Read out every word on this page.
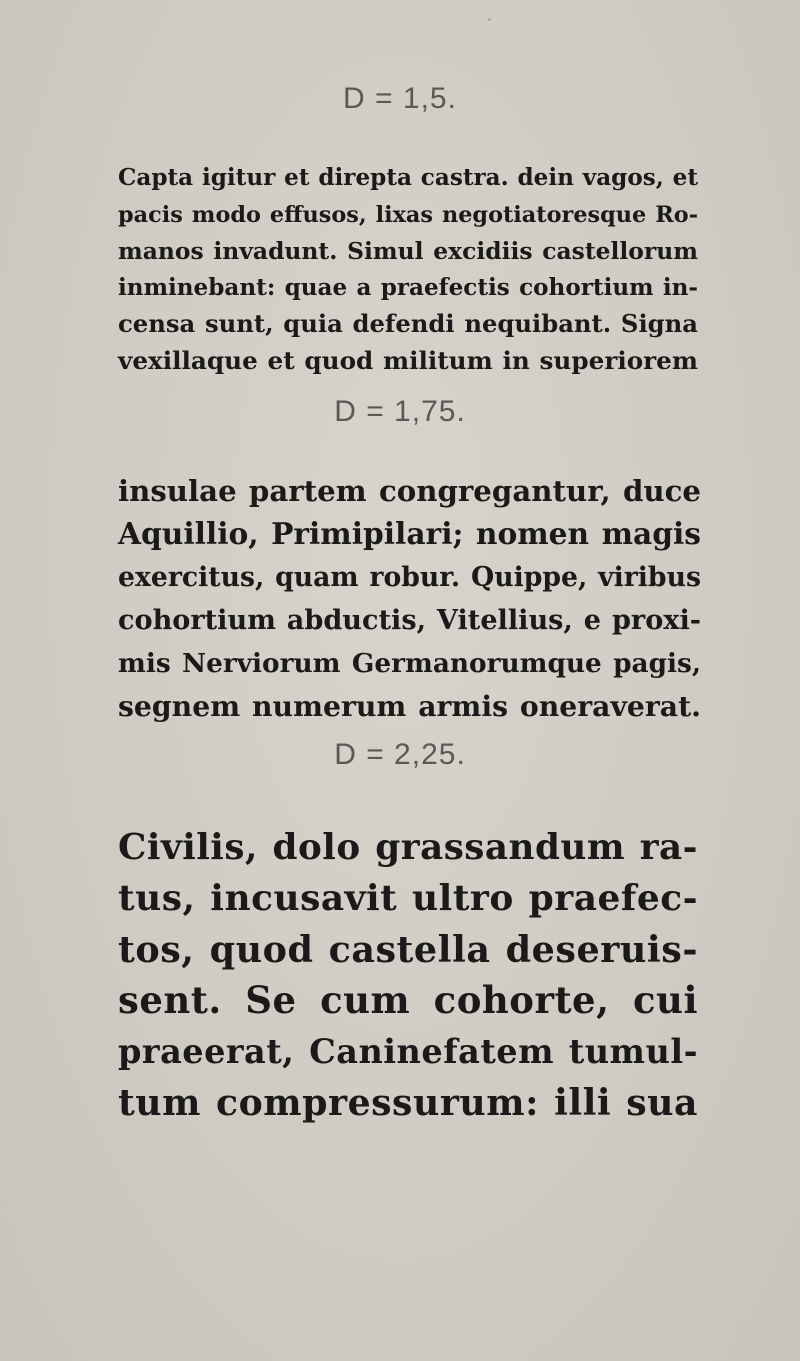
D = 1,5.

Capta igitur et direpta castra. dein vagos, et
pacis modo effusos, lixas negotiatoresque Ro-
manos invadunt. Simul excidiis castellorum
inminebant: quae a praefectis cohortium in-
censa sunt, quia defendi nequibant. Signa
vexillaque et quod militum in superiorem

D = 1,75.

insulae partem congregantur, duce
Aquillio, Primipilari; nomen magis
exercitus, quam robur. Quippe, viribus
cohortium abductis, Vitellius, e proxi-
mis Nerviorum Germanorumque pagis,
segnem numerum armis oneraverat.

D = 2,25.

Civilis, dolo grassandum ra-
tus, incusavit ultro praefec-
tos, quod castella deseruis-
sent. Se cum cohorte, cui
praeerat, Caninefatem tumul-
tum compressurum: illi sua
